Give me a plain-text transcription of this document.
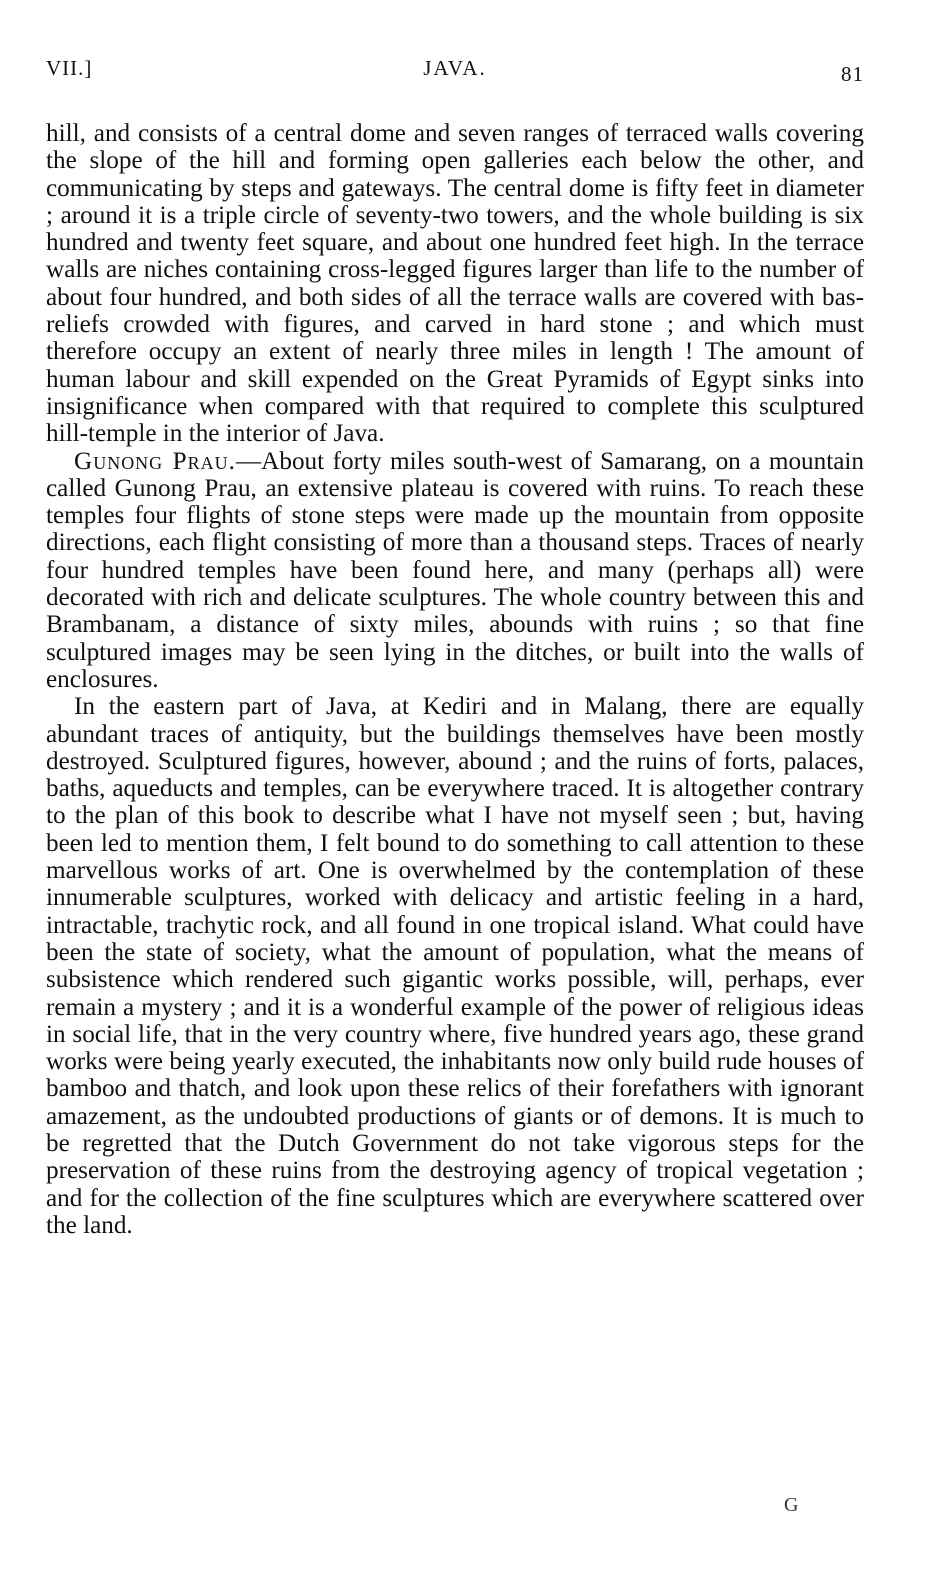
VII.]	JAVA.	81

hill, and consists of a central dome and seven ranges of terraced walls covering the slope of the hill and forming open galleries each below the other, and communicating by steps and gateways. The central dome is fifty feet in diameter ; around it is a triple circle of seventy-two towers, and the whole building is six hundred and twenty feet square, and about one hundred feet high. In the terrace walls are niches containing cross-legged figures larger than life to the number of about four hundred, and both sides of all the terrace walls are covered with bas-reliefs crowded with figures, and carved in hard stone ; and which must therefore occupy an extent of nearly three miles in length ! The amount of human labour and skill expended on the Great Pyramids of Egypt sinks into insignificance when compared with that required to complete this sculptured hill-temple in the interior of Java.

Gunong Prau.—About forty miles south-west of Samarang, on a mountain called Gunong Prau, an extensive plateau is covered with ruins. To reach these temples four flights of stone steps were made up the mountain from opposite directions, each flight consisting of more than a thousand steps. Traces of nearly four hundred temples have been found here, and many (perhaps all) were decorated with rich and delicate sculptures. The whole country between this and Brambanam, a distance of sixty miles, abounds with ruins ; so that fine sculptured images may be seen lying in the ditches, or built into the walls of enclosures.

In the eastern part of Java, at Kediri and in Malang, there are equally abundant traces of antiquity, but the buildings themselves have been mostly destroyed. Sculptured figures, however, abound ; and the ruins of forts, palaces, baths, aqueducts and temples, can be everywhere traced. It is altogether contrary to the plan of this book to describe what I have not myself seen ; but, having been led to mention them, I felt bound to do something to call attention to these marvellous works of art. One is overwhelmed by the contemplation of these innumerable sculptures, worked with delicacy and artistic feeling in a hard, intractable, trachytic rock, and all found in one tropical island. What could have been the state of society, what the amount of population, what the means of subsistence which rendered such gigantic works possible, will, perhaps, ever remain a mystery ; and it is a wonderful example of the power of religious ideas in social life, that in the very country where, five hundred years ago, these grand works were being yearly executed, the inhabitants now only build rude houses of bamboo and thatch, and look upon these relics of their forefathers with ignorant amazement, as the undoubted productions of giants or of demons. It is much to be regretted that the Dutch Government do not take vigorous steps for the preservation of these ruins from the destroying agency of tropical vegetation ; and for the collection of the fine sculptures which are everywhere scattered over the land.

G
